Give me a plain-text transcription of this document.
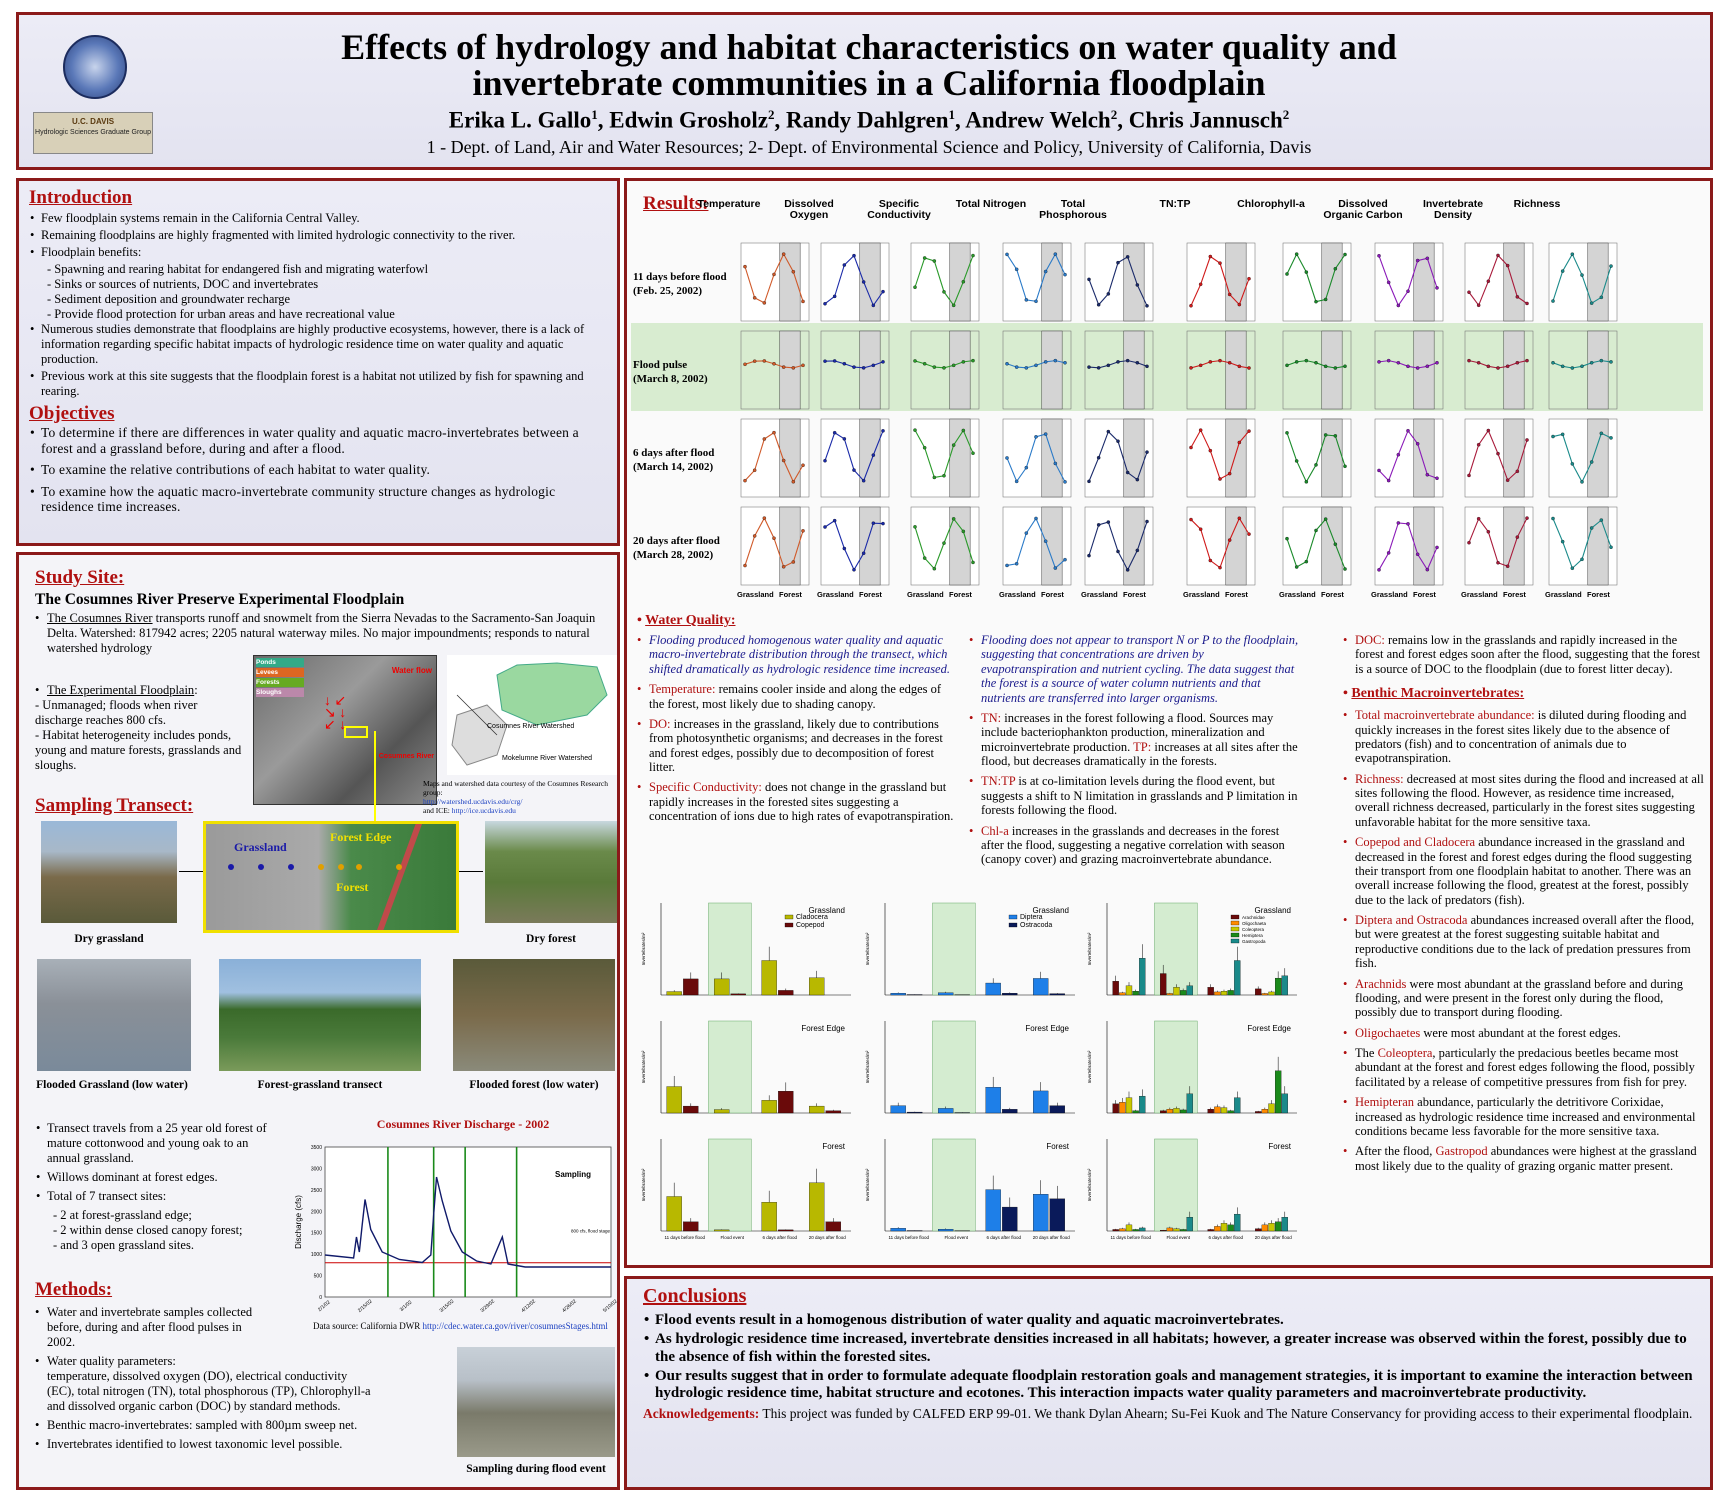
U.C. DAVIS
Hydrologic Sciences Graduate Group
Effects of hydrology and habitat characteristics on water quality and
invertebrate communities in a California floodplain
Erika L. Gallo$^1$, Edwin Grosholz$^2$, Randy Dahlgren$^1$, Andrew Welch$^2$, Chris Jannusch$^2$
1 - Dept. of Land, Air and Water Resources; 2- Dept. of Environmental Science and Policy, University of California, Davis
Introduction
• Few floodplain systems remain in the California Central Valley.
• Remaining floodplains are highly fragmented with limited hydrologic connectivity to the river.
• Floodplain benefits:
- Spawning and rearing habitat for endangered fish and migrating waterfowl
- Sinks or sources of nutrients, DOC and invertebrates
- Sediment deposition and groundwater recharge
- Provide flood protection for urban areas and have recreational value
• Numerous studies demonstrate that floodplains are highly productive ecosystems, however, there is a lack of information regarding specific habitat impacts of hydrologic residence time on water quality and aquatic production.
• Previous work at this site suggests that the floodplain forest is a habitat not utilized by fish for spawning and rearing.
Objectives
• To determine if there are differences in water quality and aquatic macro-invertebrates between a forest and a grassland before, during and after a flood.
• To examine the relative contributions of each habitat to water quality.
• To examine how the aquatic macro-invertebrate community structure changes as hydrologic residence time increases.
Study Site:
The Cosumnes River Preserve Experimental Floodplain
• The Cosumnes River transports runoff and snowmelt from the Sierra Nevadas to the Sacramento-San Joaquin Delta. Watershed: 817942 acres; 2205 natural waterway miles. No major impoundments; responds to natural watershed hydrology
• The Experimental Floodplain:
- Unmanaged; floods when river discharge reaches 800 cfs.
- Habitat heterogeneity includes ponds, young and mature forests, grasslands and sloughs.
Ponds
Levees
Forests
Sloughs
Water flow
Cosumnes River
↓ ↙
↘ ↓
↙ ↓	Cosumnes River Watershed
Mokelumne River Watershed
Maps and watershed data courtesy of the Cosumnes Research group:
http://watershed.ucdavis.edu/crg/
and ICE: http://ice.ucdavis.edu
Sampling Transect:
Dry grassland
Grassland
Forest Edge
Forest
Dry forest
Flooded Grassland (low water)	Forest-grassland transect	Flooded forest (low water)
• Transect travels from a 25 year old forest of mature cottonwood and young oak to an annual grassland.
• Willows dominant at forest edges.
• Total of 7 transect sites:
- 2 at forest-grassland edge;
- 2 within dense closed canopy forest;
- and 3 open grassland sites.
Cosumnes River Discharge - 2002
0
500
1000
1500
2000
2500
3000
3500
2/1/02	2/15/02	3/1/02	3/15/02	3/29/02	4/12/02	4/26/02	5/10/02
Discharge (cfs)	800 cfs, flood stage
Sampling
Data source: California DWR http://cdec.water.ca.gov/river/cosumnesStages.html
Methods:
• Water and invertebrate samples collected before, during and after flood pulses in 2002.
• Water quality parameters:
temperature, dissolved oxygen (DO), electrical conductivity (EC), total nitrogen (TN), total phosphorous (TP), Chlorophyll-a and dissolved organic carbon (DOC) by standard methods.
• Benthic macro-invertebrates: sampled with 800µm sweep net.
• Invertebrates identified to lowest taxonomic level possible.
Sampling during flood event
Results:
Temperature	Dissolved Oxygen
Specific Conductivity
Total Nitrogen	Total Phosphorous
TN:TP	Chlorophyll-a	Dissolved Organic Carbon
Invertebrate Density
Richness
11 days before flood
(Feb. 25, 2002)
Flood pulse
(March 8, 2002)
6 days after flood
(March 14, 2002)
20 days after flood
(March 28, 2002)
Grassland Forest Grassland Forest	Grassland Forest	Grassland Forest Grassland Forest	Grassland Forest	Grassland Forest	Grassland Forest	Grassland Forest	Grassland Forest
• Water Quality:
• Flooding produced homogenous water quality and aquatic macro-invertebrate distribution through the transect, which shifted dramatically as hydrologic residence time increased.
• Temperature: remains cooler inside and along the edges of the forest, most likely due to shading canopy.
• DO: increases in the grassland, likely due to contributions from photosynthetic organisms; and decreases in the forest and forest edges, possibly due to decomposition of forest litter.
• Specific Conductivity: does not change in the grassland but rapidly increases in the forested sites suggesting a concentration of ions due to high rates of evapotranspiration.
• Flooding does not appear to transport N or P to the floodplain, suggesting that concentrations are driven by evapotranspiration and nutrient cycling. The data suggest that the forest is a source of water column nutrients and that nutrients are transferred into larger organisms.
• TN: increases in the forest following a flood. Sources may include bacteriophankton production, mineralization and microinvertebrate production. TP: increases at all sites after the flood, but decreases dramatically in the forests.
• TN:TP is at co-limitation levels during the flood event, but suggests a shift to N limitation in grasslands and P limitation in forests following the flood.
• Chl-a increases in the grasslands and decreases in the forest after the flood, suggesting a negative correlation with season (canopy cover) and grazing macroinvertebrate abundance.
• DOC: remains low in the grasslands and rapidly increased in the forest and forest edges soon after the flood, suggesting that the forest is a source of DOC to the floodplain (due to forest litter decay).
• Benthic Macroinvertebrates:
• Total macroinvertebrate abundance: is diluted during flooding and quickly increases in the forest sites likely due to the absence of predators (fish) and to concentration of animals due to evapotranspiration.
• Richness: decreased at most sites during the flood and increased at all sites following the flood. However, as residence time increased, overall richness decreased, particularly in the forest sites suggesting unfavorable habitat for the more sensitive taxa.
• Copepod and Cladocera abundance increased in the grassland and decreased in the forest and forest edges during the flood suggesting their transport from one floodplain habitat to another. There was an overall increase following the flood, greatest at the forest, possibly due to the lack of predators (fish).
• Diptera and Ostracoda abundances increased overall after the flood, but were greatest at the forest suggesting suitable habitat and reproductive conditions due to the lack of predation pressures from fish.
• Arachnids were most abundant at the grassland before and during flooding, and were present in the forest only during the flood, possibly due to transport during flooding.
• Oligochaetes were most abundant at the forest edges.
• The Coleoptera, particularly the predacious beetles became most abundant at the forest and forest edges following the flood, possibly facilitated by a release of competitive pressures from fish for prey.
• Hemipteran abundance, particularly the detritivore Corixidae, increased as hydrologic residence time increased and environmental conditions became less favorable for the more sensitive taxa.
• After the flood, Gastropod abundances were highest at the grassland most likely due to the quality of grazing organic matter present.
Invertebrates/m²
Grassland
Cladocera
Copepod
Invertebrates/m²
Forest Edge
Invertebrates/m²
11 days before flood	Flood event	6 days after flood	20 days after flood
Forest
Invertebrates/m²
Grassland
Diptera
Ostracoda
Invertebrates/m²
Forest Edge
Invertebrates/m²
11 days before flood	Flood event	6 days after flood	20 days after flood
Forest
Invertebrates/m²
Grassland
Arachnidae
Oligochaeta
Coleoptera
Hemiptera
Gastropoda
Invertebrates/m²
Forest Edge
Invertebrates/m²
11 days before flood	Flood event	6 days after flood	20 days after flood
Forest
Conclusions
• Flood events result in a homogenous distribution of water quality and aquatic macroinvertebrates.
• As hydrologic residence time increased, invertebrate densities increased in all habitats; however, a greater increase was observed within the forest, possibly due to the absence of fish within the forested sites.
• Our results suggest that in order to formulate adequate floodplain restoration goals and management strategies, it is important to examine the interaction between hydrologic residence time, habitat structure and ecotones. This interaction impacts water quality parameters and macroinvertebrate productivity.
Acknowledgements: This project was funded by CALFED ERP 99-01. We thank Dylan Ahearn; Su-Fei Kuok and The Nature Conservancy for providing access to their experimental floodplain.
